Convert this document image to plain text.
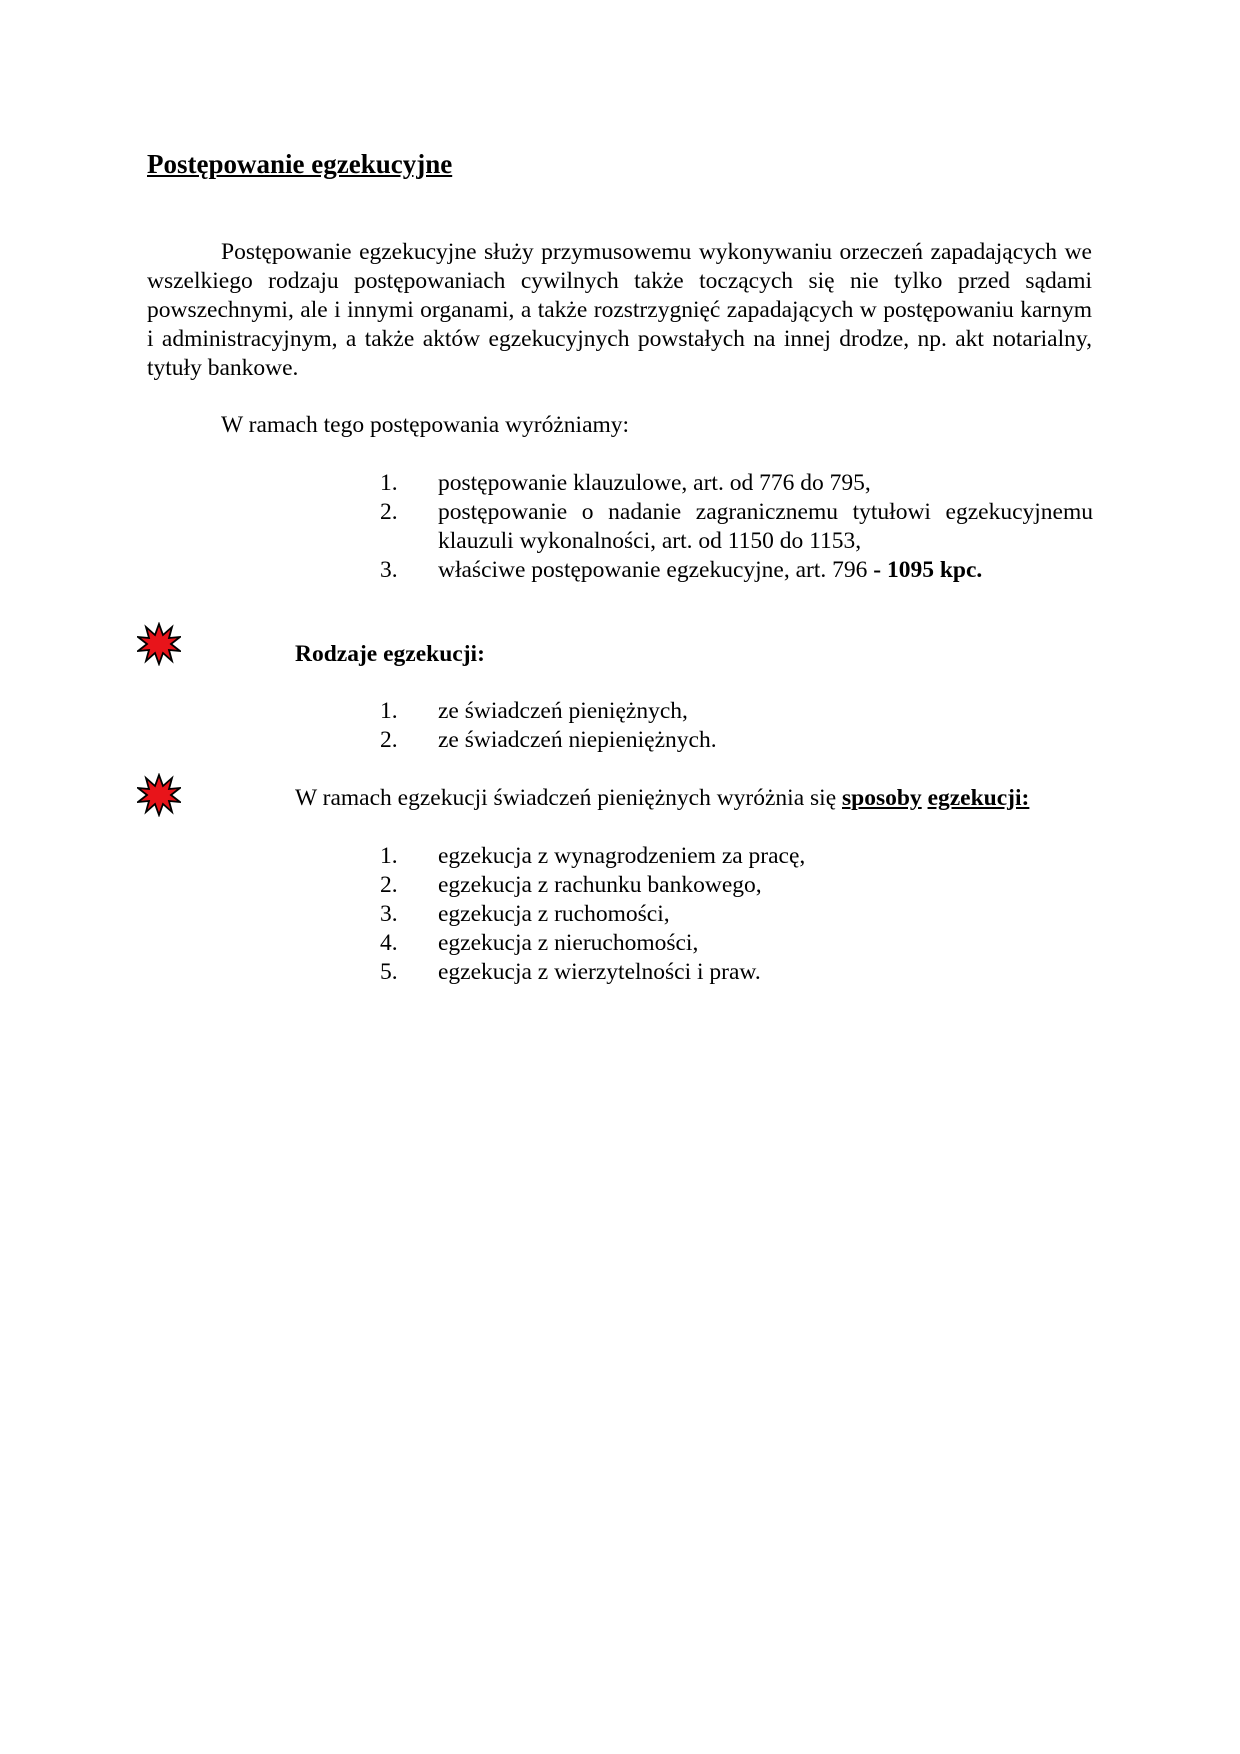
Postępowanie egzekucyjne

Postępowanie egzekucyjne służy przymusowemu wykonywaniu orzeczeń zapadających we wszelkiego rodzaju postępowaniach cywilnych także toczących się nie tylko przed sądami powszechnymi, ale i innymi organami, a także rozstrzygnięć zapadających w postępowaniu karnym i administracyjnym, a także aktów egzekucyjnych powstałych na innej drodze, np. akt notarialny, tytuły bankowe.

W ramach tego postępowania wyróżniamy:

1.	postępowanie klauzulowe, art. od 776 do 795,
2.	postępowanie o nadanie zagranicznemu tytułowi egzekucyjnemu klauzuli wykonalności, art. od 1150 do 1153,
3.	właściwe postępowanie egzekucyjne, art. 796 - 1095 kpc.

Rodzaje egzekucji:

1.	ze świadczeń pieniężnych,
2.	ze świadczeń niepieniężnych.

W ramach egzekucji świadczeń pieniężnych wyróżnia się sposoby egzekucji:

1.	egzekucja z wynagrodzeniem za pracę,
2.	egzekucja z rachunku bankowego,
3.	egzekucja z ruchomości,
4.	egzekucja z nieruchomości,
5.	egzekucja z wierzytelności i praw.
